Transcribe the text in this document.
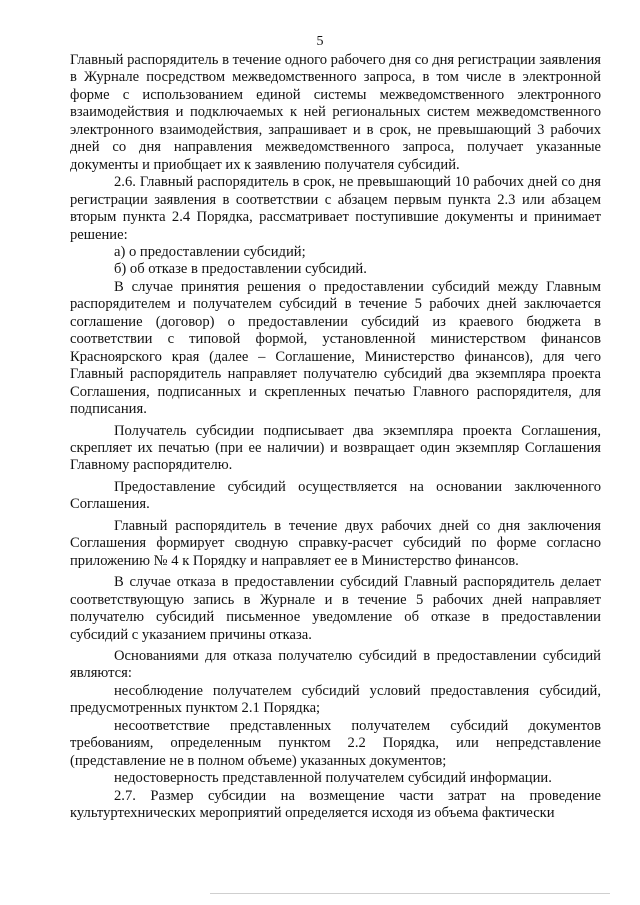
5

Главный распорядитель в течение одного рабочего дня со дня регистрации заявления в Журнале посредством межведомственного запроса, в том числе в электронной форме с использованием единой системы межведомственного электронного взаимодействия и подключаемых к ней региональных систем межведомственного электронного взаимодействия, запрашивает и в срок, не превышающий 3 рабочих дней со дня направления межведомственного запроса, получает указанные документы и приобщает их к заявлению получателя субсидий.

2.6. Главный распорядитель в срок, не превышающий 10 рабочих дней со дня регистрации заявления в соответствии с абзацем первым пункта 2.3 или абзацем вторым пункта 2.4 Порядка, рассматривает поступившие документы и принимает решение:

а) о предоставлении субсидий;

б) об отказе в предоставлении субсидий.

В случае принятия решения о предоставлении субсидий между Главным распорядителем и получателем субсидий в течение 5 рабочих дней заключается соглашение (договор) о предоставлении субсидий из краевого бюджета в соответствии с типовой формой, установленной министерством финансов Красноярского края (далее – Соглашение, Министерство финансов), для чего Главный распорядитель направляет получателю субсидий два экземпляра проекта Соглашения, подписанных и скрепленных печатью Главного распорядителя, для подписания.

Получатель субсидии подписывает два экземпляра проекта Соглашения, скрепляет их печатью (при ее наличии) и возвращает один экземпляр Соглашения Главному распорядителю.

Предоставление субсидий осуществляется на основании заключенного Соглашения.

Главный распорядитель в течение двух рабочих дней со дня заключения Соглашения формирует сводную справку-расчет субсидий по форме согласно приложению № 4 к Порядку и направляет ее в Министерство финансов.

В случае отказа в предоставлении субсидий Главный распорядитель делает соответствующую запись в Журнале и в течение 5 рабочих дней направляет получателю субсидий письменное уведомление об отказе в предоставлении субсидий с указанием причины отказа.

Основаниями для отказа получателю субсидий в предоставлении субсидий являются:

несоблюдение получателем субсидий условий предоставления субсидий, предусмотренных пунктом 2.1 Порядка;

несоответствие представленных получателем субсидий документов требованиям, определенным пунктом 2.2 Порядка, или непредставление (представление не в полном объеме) указанных документов;

недостоверность представленной получателем субсидий информации.

2.7. Размер субсидии на возмещение части затрат на проведение культуртехнических мероприятий определяется исходя из объема фактически
